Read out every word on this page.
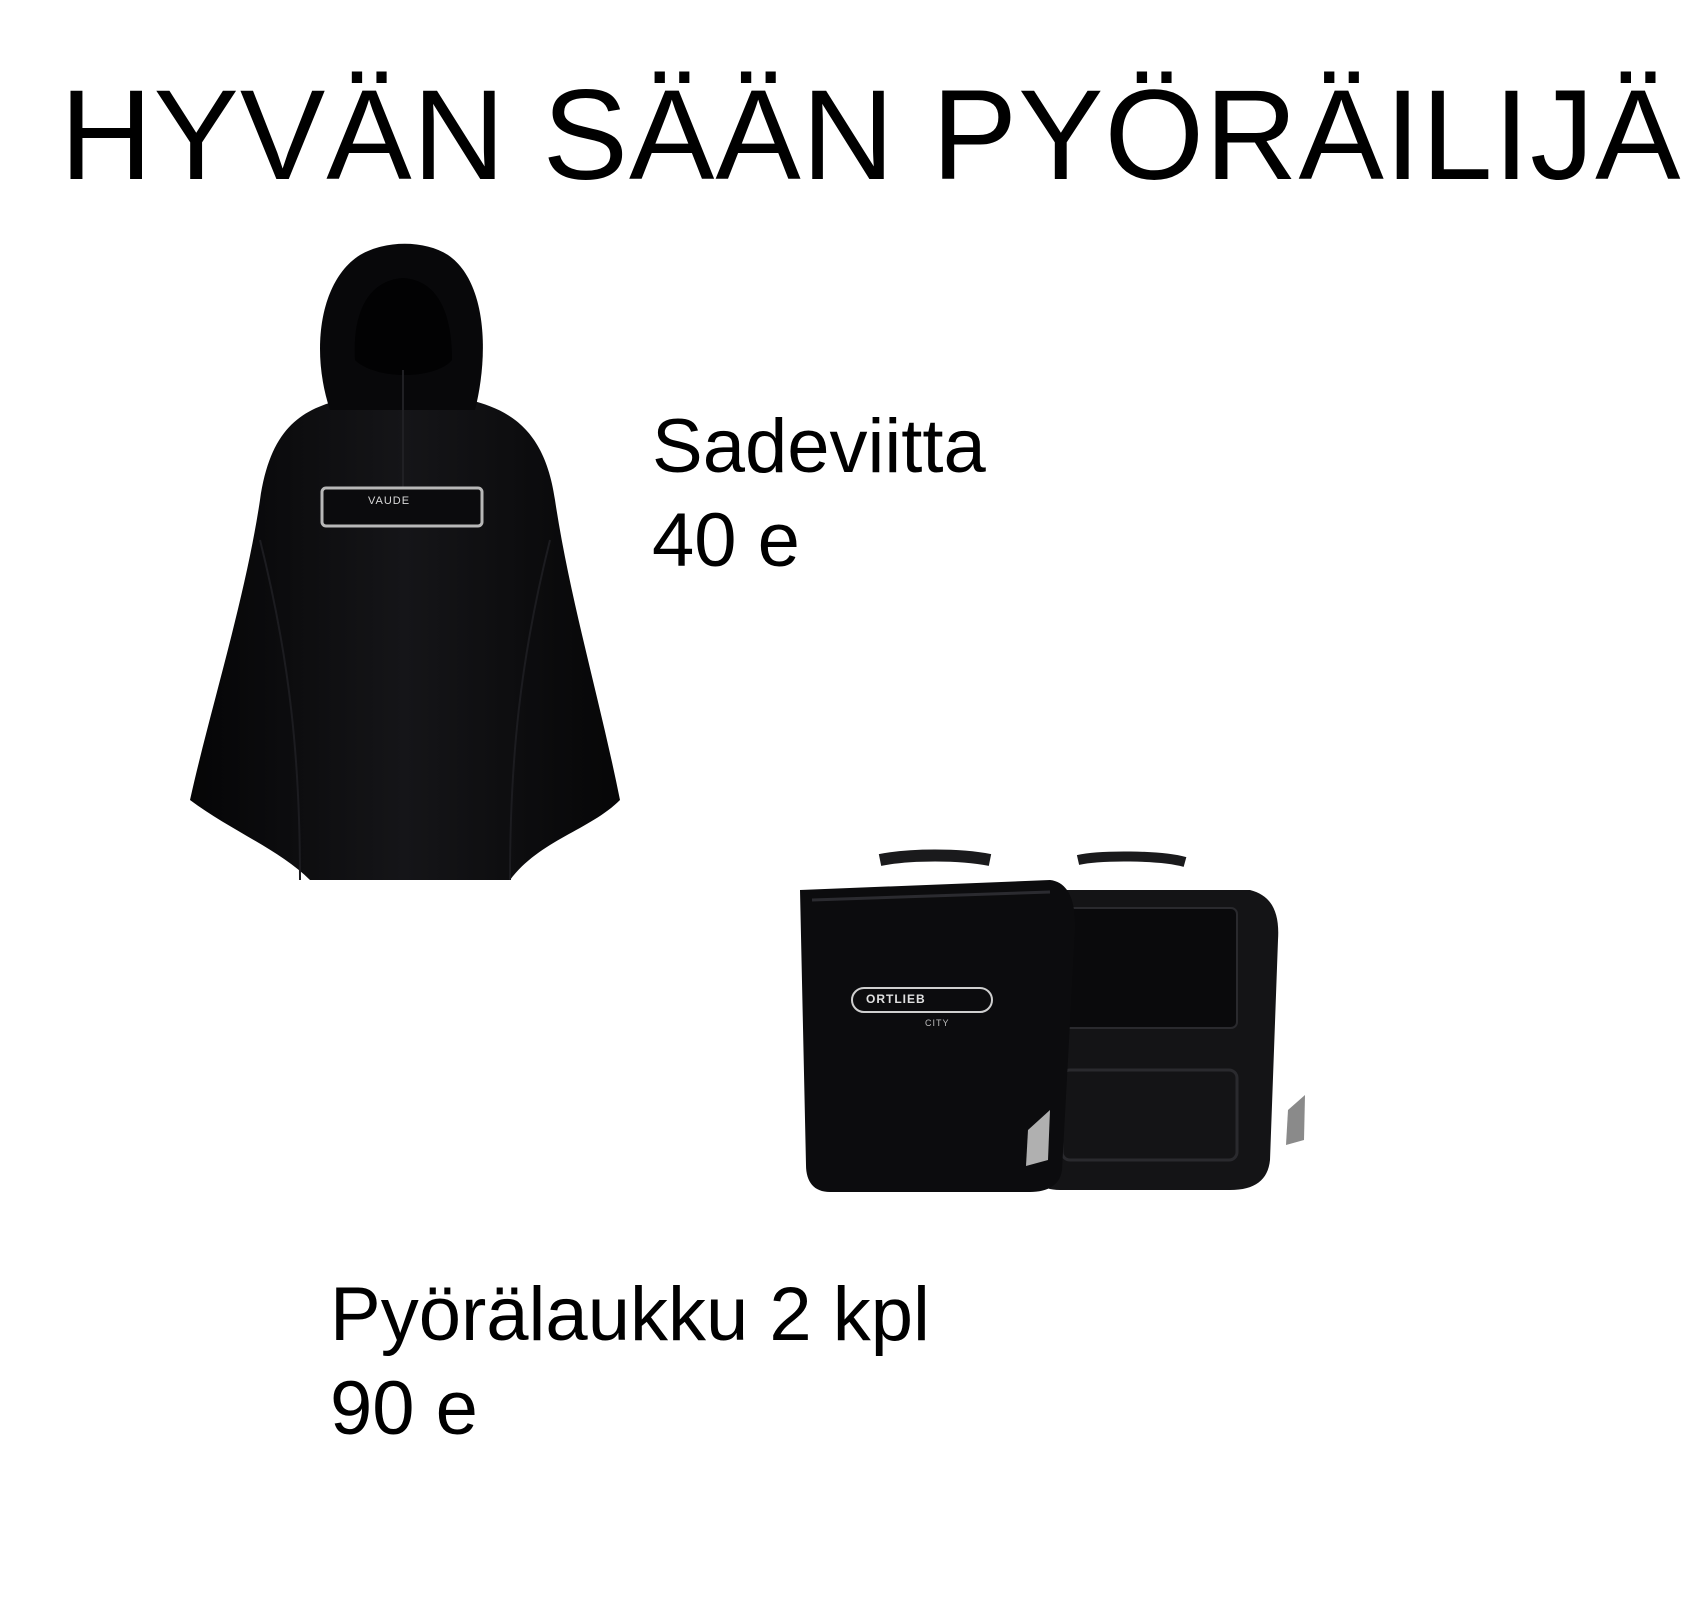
HYVÄN SÄÄN PYÖRÄILIJÄ
VAUDE
Sadeviitta
40 e
ORTLIEB
CITY
Pyörälaukku 2 kpl
90 e
